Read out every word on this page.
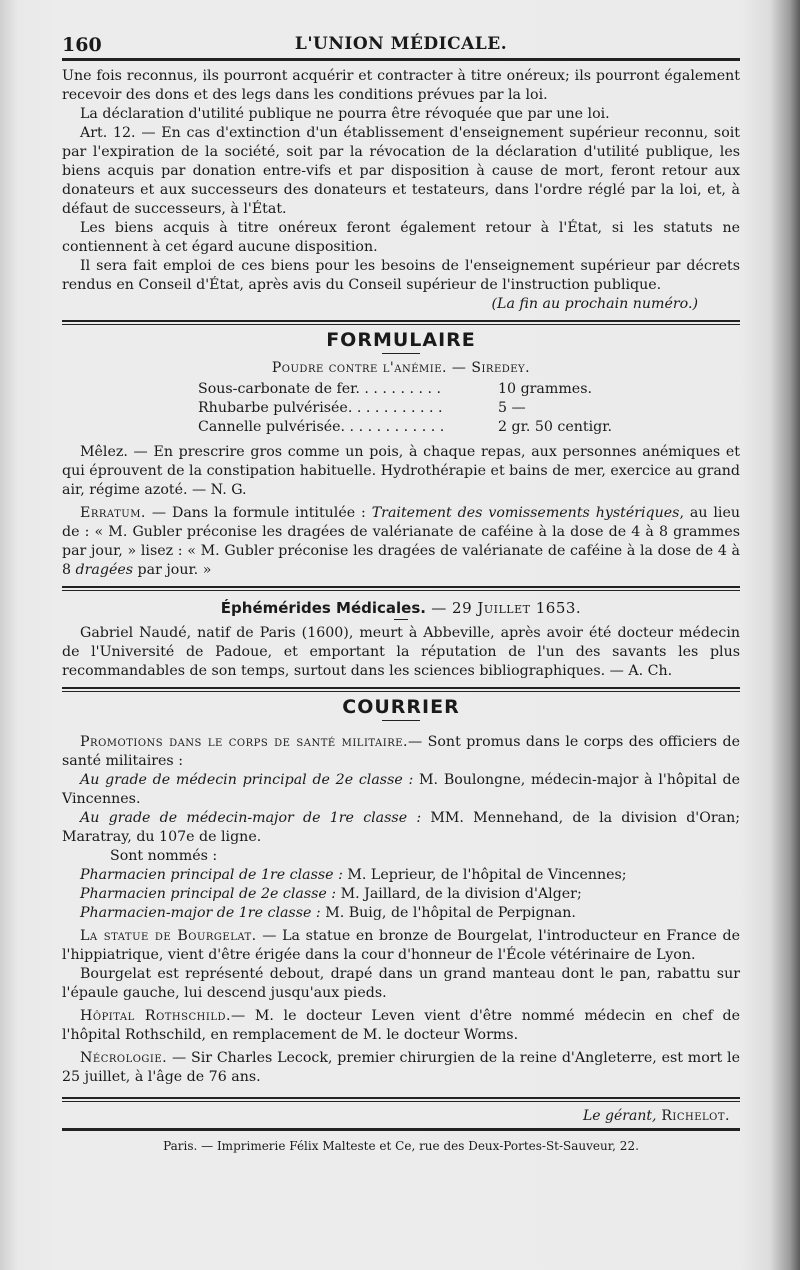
160	L'UNION MÉDICALE.

Une fois reconnus, ils pourront acquérir et contracter à titre onéreux; ils pourront également recevoir des dons et des legs dans les conditions prévues par la loi.

La déclaration d'utilité publique ne pourra être révoquée que par une loi.

Art. 12. — En cas d'extinction d'un établissement d'enseignement supérieur reconnu, soit par l'expiration de la société, soit par la révocation de la déclaration d'utilité publique, les biens acquis par donation entre-vifs et par disposition à cause de mort, feront retour aux donateurs et aux successeurs des donateurs et testateurs, dans l'ordre réglé par la loi, et, à défaut de successeurs, à l'État.

Les biens acquis à titre onéreux feront également retour à l'État, si les statuts ne contiennent à cet égard aucune disposition.

Il sera fait emploi de ces biens pour les besoins de l'enseignement supérieur par décrets rendus en Conseil d'État, après avis du Conseil supérieur de l'instruction publique.

(La fin au prochain numéro.)

FORMULAIRE
Poudre contre l'anémie. — Siredey.
Sous-carbonate de fer. . . . . . . . . .	10 grammes.
Rhubarbe pulvérisée. . . . . . . . . . .	5 —
Cannelle pulvérisée. . . . . . . . . . . .	2 gr. 50 centigr.

Mêlez. — En prescrire gros comme un pois, à chaque repas, aux personnes anémiques et qui éprouvent de la constipation habituelle. Hydrothérapie et bains de mer, exercice au grand air, régime azoté. — N. G.

Erratum. — Dans la formule intitulée : Traitement des vomissements hystériques, au lieu de : « M. Gubler préconise les dragées de valérianate de caféine à la dose de 4 à 8 grammes par jour, » lisez : « M. Gubler préconise les dragées de valérianate de caféine à la dose de 4 à 8 dragées par jour. »

Éphémérides Médicales. — 29 Juillet 1653.

Gabriel Naudé, natif de Paris (1600), meurt à Abbeville, après avoir été docteur médecin de l'Université de Padoue, et emportant la réputation de l'un des savants les plus recommandables de son temps, surtout dans les sciences bibliographiques. — A. Ch.

COURRIER

Promotions dans le corps de santé militaire.— Sont promus dans le corps des officiers de santé militaires :

Au grade de médecin principal de 2e classe : M. Boulongne, médecin-major à l'hôpital de Vincennes.

Au grade de médecin-major de 1re classe : MM. Mennehand, de la division d'Oran; Maratray, du 107e de ligne.

Sont nommés :

Pharmacien principal de 1re classe : M. Leprieur, de l'hôpital de Vincennes;

Pharmacien principal de 2e classe : M. Jaillard, de la division d'Alger;

Pharmacien-major de 1re classe : M. Buig, de l'hôpital de Perpignan.

La statue de Bourgelat. — La statue en bronze de Bourgelat, l'introducteur en France de l'hippiatrique, vient d'être érigée dans la cour d'honneur de l'École vétérinaire de Lyon.

Bourgelat est représenté debout, drapé dans un grand manteau dont le pan, rabattu sur l'épaule gauche, lui descend jusqu'aux pieds.

Hôpital Rothschild.— M. le docteur Leven vient d'être nommé médecin en chef de l'hôpital Rothschild, en remplacement de M. le docteur Worms.

Nécrologie. — Sir Charles Lecock, premier chirurgien de la reine d'Angleterre, est mort le 25 juillet, à l'âge de 76 ans.

Le gérant, Richelot.
Paris. — Imprimerie Félix Malteste et Ce, rue des Deux-Portes-St-Sauveur, 22.
